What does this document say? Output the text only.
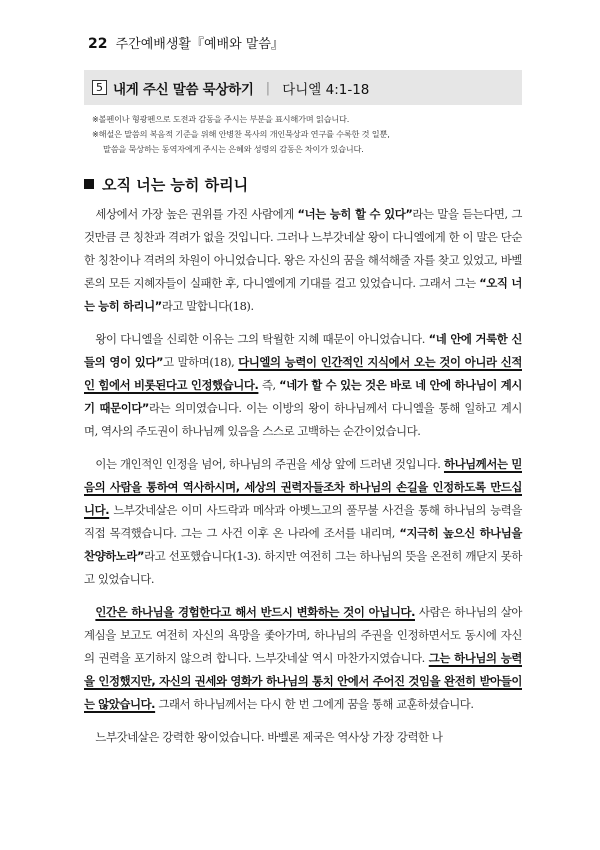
22 주간예배생활『예배와 말씀』
5 내게 주신 말씀 묵상하기 | 다니엘 4:1-18
※볼펜이나 형광펜으로 도전과 감동을 주시는 부분을 표시해가며 읽습니다.
※해설은 말씀의 복음적 기준을 위해 안병찬 목사의 개인묵상과 연구를 수록한 것 일뿐,
말씀을 묵상하는 동역자에게 주시는 은혜와 성령의 감동은 차이가 있습니다.
오직 너는 능히 하리니

세상에서 가장 높은 권위를 가진 사람에게 “너는 능히 할 수 있다”라는 말을 듣는다면, 그것만큼 큰 칭찬과 격려가 없을 것입니다. 그러나 느부갓네살 왕이 다니엘에게 한 이 말은 단순한 칭찬이나 격려의 차원이 아니었습니다. 왕은 자신의 꿈을 해석해줄 자를 찾고 있었고, 바벨론의 모든 지혜자들이 실패한 후, 다니엘에게 기대를 걸고 있었습니다. 그래서 그는 “오직 너는 능히 하리니”라고 말합니다(18).

왕이 다니엘을 신뢰한 이유는 그의 탁월한 지혜 때문이 아니었습니다. “네 안에 거룩한 신들의 영이 있다”고 말하며(18), 다니엘의 능력이 인간적인 지식에서 오는 것이 아니라 신적인 힘에서 비롯된다고 인정했습니다. 즉, “네가 할 수 있는 것은 바로 네 안에 하나님이 계시기 때문이다”라는 의미였습니다. 이는 이방의 왕이 하나님께서 다니엘을 통해 일하고 계시며, 역사의 주도권이 하나님께 있음을 스스로 고백하는 순간이었습니다.

이는 개인적인 인정을 넘어, 하나님의 주권을 세상 앞에 드러낸 것입니다. 하나님께서는 믿음의 사람을 통하여 역사하시며, 세상의 권력자들조차 하나님의 손길을 인정하도록 만드십니다. 느부갓네살은 이미 사드락과 메삭과 아벳느고의 풀무불 사건을 통해 하나님의 능력을 직접 목격했습니다. 그는 그 사건 이후 온 나라에 조서를 내리며, “지극히 높으신 하나님을 찬양하노라”라고 선포했습니다(1-3). 하지만 여전히 그는 하나님의 뜻을 온전히 깨닫지 못하고 있었습니다.

인간은 하나님을 경험한다고 해서 반드시 변화하는 것이 아닙니다. 사람은 하나님의 살아계심을 보고도 여전히 자신의 욕망을 좇아가며, 하나님의 주권을 인정하면서도 동시에 자신의 권력을 포기하지 않으려 합니다. 느부갓네살 역시 마찬가지였습니다. 그는 하나님의 능력을 인정했지만, 자신의 권세와 영화가 하나님의 통치 안에서 주어진 것임을 완전히 받아들이는 않았습니다. 그래서 하나님께서는 다시 한 번 그에게 꿈을 통해 교훈하셨습니다.

느부갓네살은 강력한 왕이었습니다. 바벨론 제국은 역사상 가장 강력한 나
